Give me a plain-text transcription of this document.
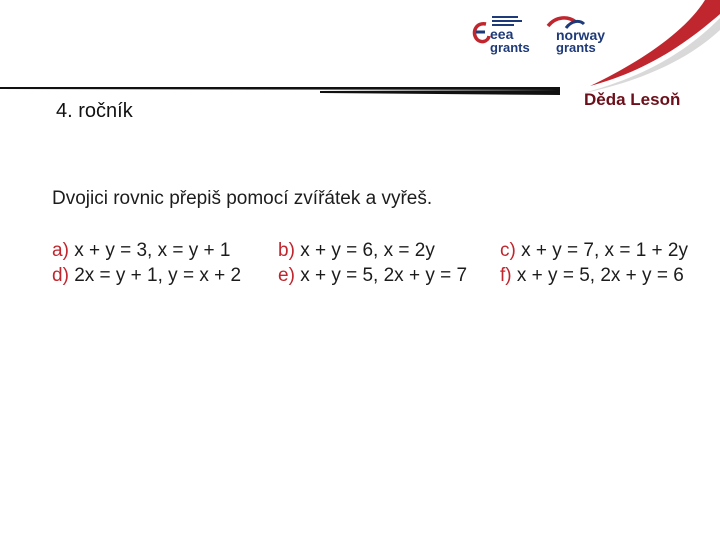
eea
grants
norway
grants
4. ročník
Děda Lesoň
Dvojici rovnic přepiš pomocí zvířátek a vyřeš.
a) x + y = 3, x = y + 1	b) x + y = 6, x = 2y	c) x + y = 7, x = 1 + 2y
d) 2x = y + 1, y = x + 2 e) x + y = 5, 2x + y = 7 f) x + y = 5, 2x + y = 6
